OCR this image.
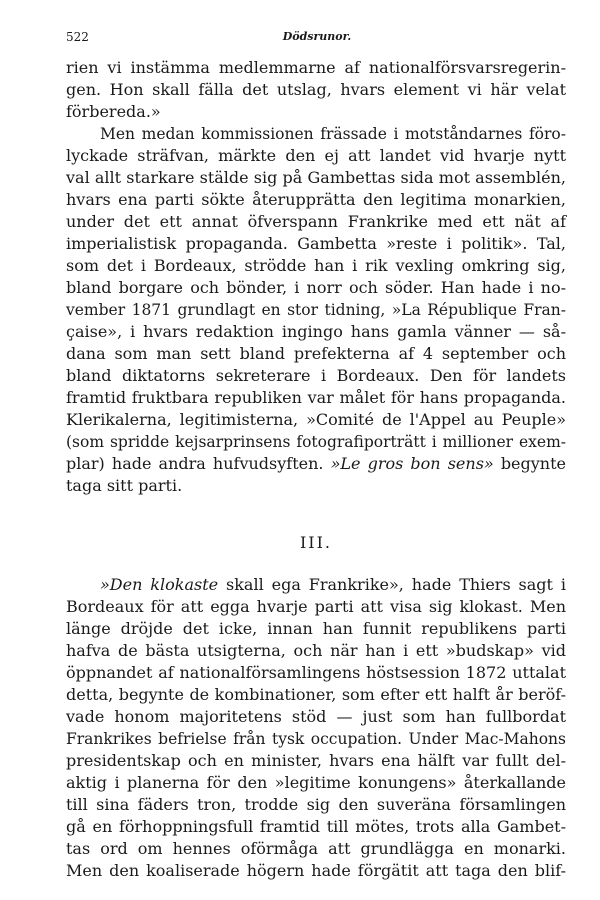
522	Dödsrunor.
rien vi instämma medlemmarne af nationalförsvarsregerin-
gen. Hon skall fälla det utslag, hvars element vi här velat
förbereda.»
Men medan kommissionen frässade i motståndarnes föro-
lyckade sträfvan, märkte den ej att landet vid hvarje nytt
val allt starkare stälde sig på Gambettas sida mot assemblén,
hvars ena parti sökte återupprätta den legitima monarkien,
under det ett annat öfverspann Frankrike med ett nät af
imperialistisk propaganda. Gambetta »reste i politik». Tal,
som det i Bordeaux, strödde han i rik vexling omkring sig,
bland borgare och bönder, i norr och söder. Han hade i no-
vember 1871 grundlagt en stor tidning, »La République Fran-
çaise», i hvars redaktion ingingo hans gamla vänner — så-
dana som man sett bland prefekterna af 4 september och
bland diktatorns sekreterare i Bordeaux. Den för landets
framtid fruktbara republiken var målet för hans propaganda.
Klerikalerna, legitimisterna, »Comité de l'Appel au Peuple»
(som spridde kejsarprinsens fotografiporträtt i millioner exem-
plar) hade andra hufvudsyften. »Le gros bon sens» begynte
taga sitt parti.
III.
»Den klokaste skall ega Frankrike», hade Thiers sagt i
Bordeaux för att egga hvarje parti att visa sig klokast. Men
länge dröjde det icke, innan han funnit republikens parti
hafva de bästa utsigterna, och när han i ett »budskap» vid
öppnandet af nationalförsamlingens höstsession 1872 uttalat
detta, begynte de kombinationer, som efter ett halft år beröf-
vade honom majoritetens stöd — just som han fullbordat
Frankrikes befrielse från tysk occupation. Under Mac-Mahons
presidentskap och en minister, hvars ena hälft var fullt del-
aktig i planerna för den »legitime konungens» återkallande
till sina fäders tron, trodde sig den suveräna församlingen
gå en förhoppningsfull framtid till mötes, trots alla Gambet-
tas ord om hennes oförmåga att grundlägga en monarki.
Men den koaliserade högern hade förgätit att taga den blif-
